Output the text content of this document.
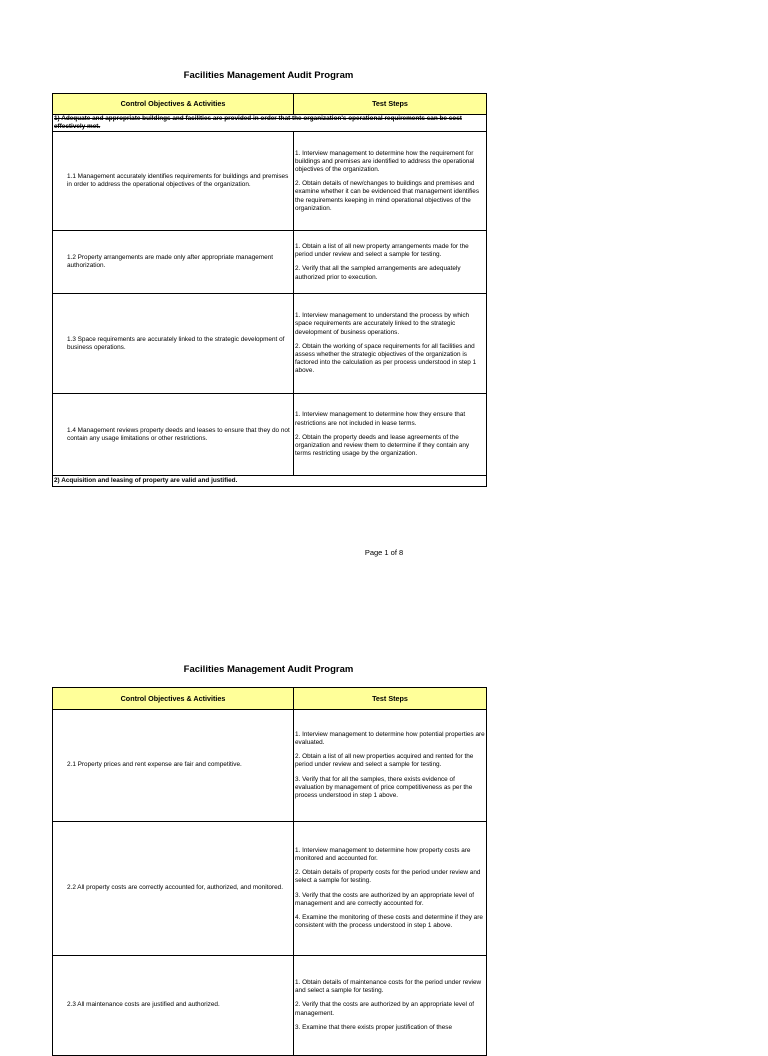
Facilities Management Audit Program
Control Objectives & Activities	Test Steps
1) Adequate and appropriate buildings and facilities are provided in order that the organization's operational requirements can be cost effectively met.	
1.1 Management accurately identifies requirements for buildings and premises in order to address the operational objectives of the organization.	1. Interview management to determine how the requirement for buildings and premises are identified to address the operational objectives of the organization.

2. Obtain details of new/changes to buildings and premises and examine whether it can be evidenced that management identifies the requirements keeping in mind operational objectives of the organization.

1.2 Property arrangements are made only after appropriate management authorization.	1. Obtain a list of all new property arrangements made for the period under review and select a sample for testing.

2. Verify that all the sampled arrangements are adequately authorized prior to execution.

1.3 Space requirements are accurately linked to the strategic development of business operations.	1. Interview management to understand the process by which space requirements are accurately linked to the strategic development of business operations.

2. Obtain the working of space requirements for all facilities and assess whether the strategic objectives of the organization is factored into the calculation as per process understood in step 1 above.

1.4 Management reviews property deeds and leases to ensure that they do not contain any usage limitations or other restrictions.	1. Interview management to determine how they ensure that restrictions are not included in lease terms.

2. Obtain the property deeds and lease agreements of the organization and review them to determine if they contain any terms restricting usage by the organization.

2) Acquisition and leasing of property are valid and justified.	
Page 1 of 8
Facilities Management Audit Program
Control Objectives & Activities	Test Steps
2.1 Property prices and rent expense are fair and competitive.	1. Interview management to determine how potential properties are evaluated.

2. Obtain a list of all new properties acquired and rented for the period under review and select a sample for testing.

3. Verify that for all the samples, there exists evidence of evaluation by management of price competitiveness as per the process understood in step 1 above.

2.2 All property costs are correctly accounted for, authorized, and monitored.	1. Interview management to determine how property costs are monitored and accounted for.

2. Obtain details of property costs for the period under review and select a sample for testing.

3. Verify that the costs are authorized by an appropriate level of management and are correctly accounted for.

4. Examine the monitoring of these costs and determine if they are consistent with the process understood in step 1 above.

2.3 All maintenance costs are justified and authorized.	1. Obtain details of maintenance costs for the period under review and select a sample for testing.

2. Verify that the costs are authorized by an appropriate level of management.

3. Examine that there exists proper justification of these
